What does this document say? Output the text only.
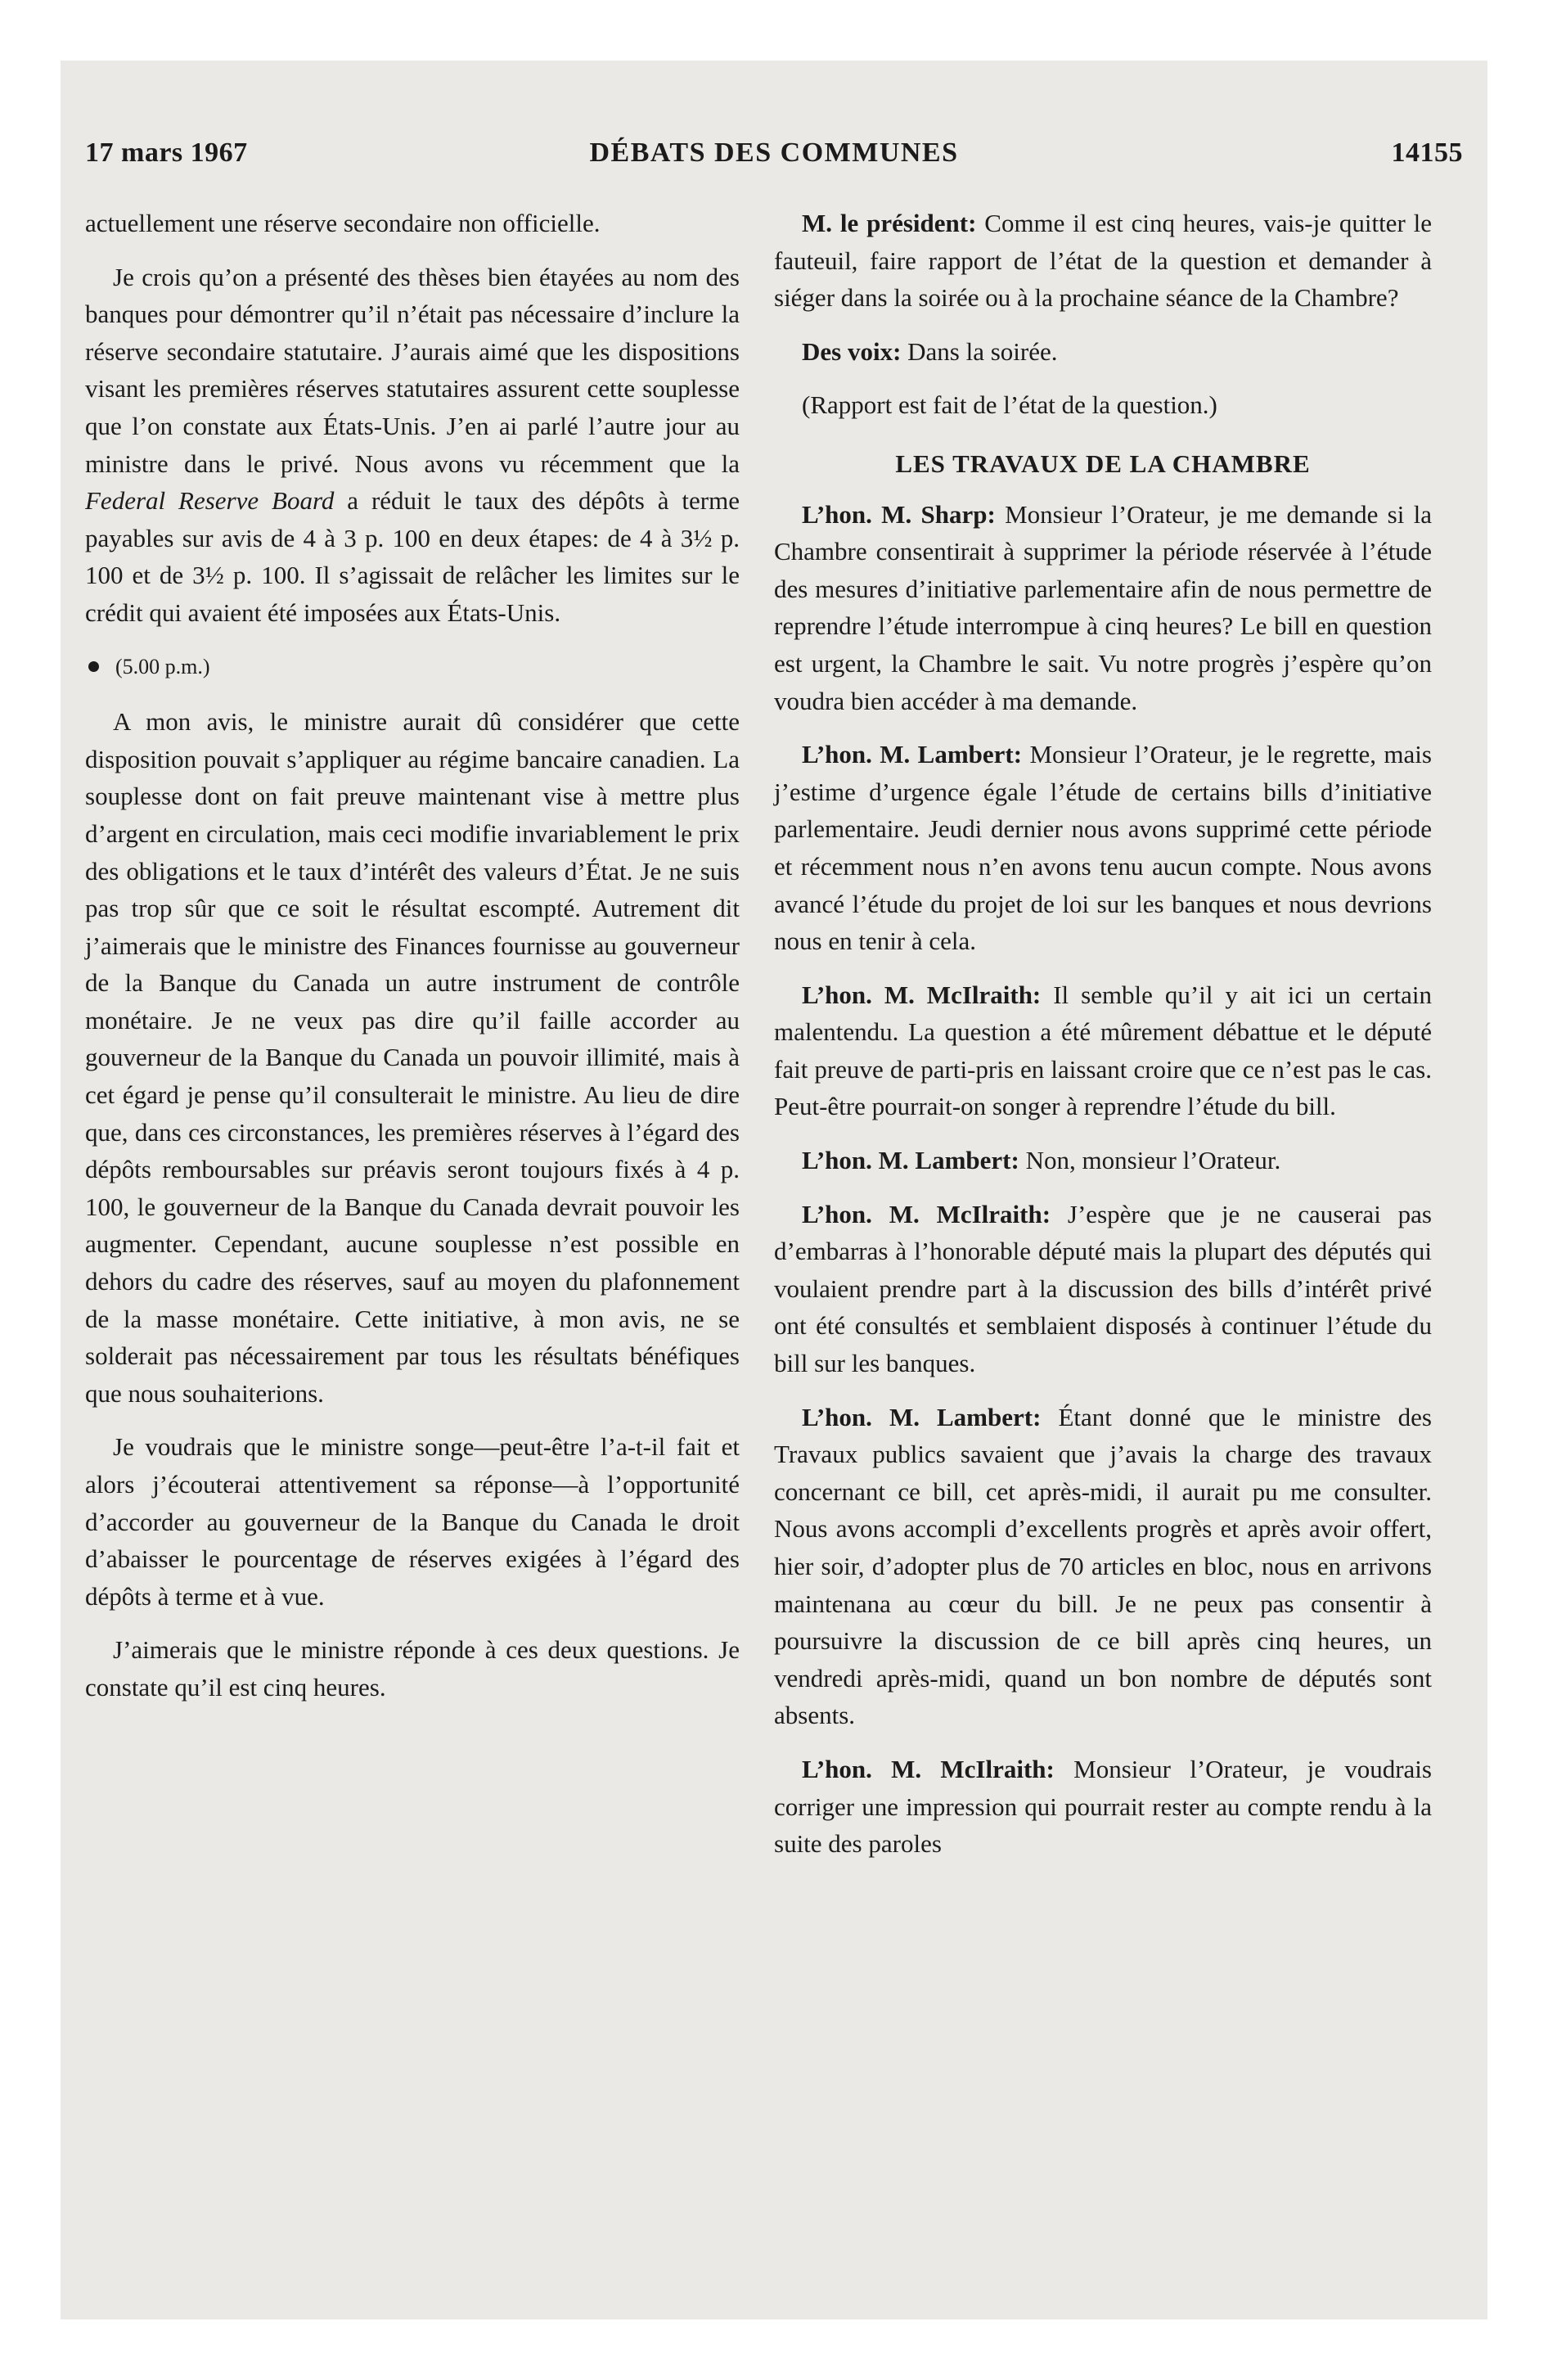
17 mars 1967	DÉBATS DES COMMUNES	14155

actuellement une réserve secondaire non officielle.

Je crois qu’on a présenté des thèses bien étayées au nom des banques pour démontrer qu’il n’était pas nécessaire d’inclure la réserve secondaire statutaire. J’aurais aimé que les dispositions visant les premières réserves statutaires assurent cette souplesse que l’on constate aux États-Unis. J’en ai parlé l’autre jour au ministre dans le privé. Nous avons vu récemment que la Federal Reserve Board a réduit le taux des dépôts à terme payables sur avis de 4 à 3 p. 100 en deux étapes: de 4 à 3½ p. 100 et de 3½ p. 100. Il s’agissait de relâcher les limites sur le crédit qui avaient été imposées aux États-Unis.

(5.00 p.m.)

A mon avis, le ministre aurait dû considérer que cette disposition pouvait s’appliquer au régime bancaire canadien. La souplesse dont on fait preuve maintenant vise à mettre plus d’argent en circulation, mais ceci modifie invariablement le prix des obligations et le taux d’intérêt des valeurs d’État. Je ne suis pas trop sûr que ce soit le résultat escompté. Autrement dit j’aimerais que le ministre des Finances fournisse au gouverneur de la Banque du Canada un autre instrument de contrôle monétaire. Je ne veux pas dire qu’il faille accorder au gouverneur de la Banque du Canada un pouvoir illimité, mais à cet égard je pense qu’il consulterait le ministre. Au lieu de dire que, dans ces circonstances, les premières réserves à l’égard des dépôts remboursables sur préavis seront toujours fixés à 4 p. 100, le gouverneur de la Banque du Canada devrait pouvoir les augmenter. Cependant, aucune souplesse n’est possible en dehors du cadre des réserves, sauf au moyen du plafonnement de la masse monétaire. Cette initiative, à mon avis, ne se solderait pas nécessairement par tous les résultats bénéfiques que nous souhaiterions.

Je voudrais que le ministre songe—peut-être l’a-t-il fait et alors j’écouterai attentivement sa réponse—à l’opportunité d’accorder au gouverneur de la Banque du Canada le droit d’abaisser le pourcentage de réserves exigées à l’égard des dépôts à terme et à vue.

J’aimerais que le ministre réponde à ces deux questions. Je constate qu’il est cinq heures.

M. le président: Comme il est cinq heures, vais-je quitter le fauteuil, faire rapport de l’état de la question et demander à siéger dans la soirée ou à la prochaine séance de la Chambre?

Des voix: Dans la soirée.

(Rapport est fait de l’état de la question.)

LES TRAVAUX DE LA CHAMBRE

L’hon. M. Sharp: Monsieur l’Orateur, je me demande si la Chambre consentirait à supprimer la période réservée à l’étude des mesures d’initiative parlementaire afin de nous permettre de reprendre l’étude interrompue à cinq heures? Le bill en question est urgent, la Chambre le sait. Vu notre progrès j’espère qu’on voudra bien accéder à ma demande.

L’hon. M. Lambert: Monsieur l’Orateur, je le regrette, mais j’estime d’urgence égale l’étude de certains bills d’initiative parlementaire. Jeudi dernier nous avons supprimé cette période et récemment nous n’en avons tenu aucun compte. Nous avons avancé l’étude du projet de loi sur les banques et nous devrions nous en tenir à cela.

L’hon. M. McIlraith: Il semble qu’il y ait ici un certain malentendu. La question a été mûrement débattue et le député fait preuve de parti-pris en laissant croire que ce n’est pas le cas. Peut-être pourrait-on songer à reprendre l’étude du bill.

L’hon. M. Lambert: Non, monsieur l’Orateur.

L’hon. M. McIlraith: J’espère que je ne causerai pas d’embarras à l’honorable député mais la plupart des députés qui voulaient prendre part à la discussion des bills d’intérêt privé ont été consultés et semblaient disposés à continuer l’étude du bill sur les banques.

L’hon. M. Lambert: Étant donné que le ministre des Travaux publics savaient que j’avais la charge des travaux concernant ce bill, cet après-midi, il aurait pu me consulter. Nous avons accompli d’excellents progrès et après avoir offert, hier soir, d’adopter plus de 70 articles en bloc, nous en arrivons maintenana au cœur du bill. Je ne peux pas consentir à poursuivre la discussion de ce bill après cinq heures, un vendredi après-midi, quand un bon nombre de députés sont absents.

L’hon. M. McIlraith: Monsieur l’Orateur, je voudrais corriger une impression qui pourrait rester au compte rendu à la suite des paroles
